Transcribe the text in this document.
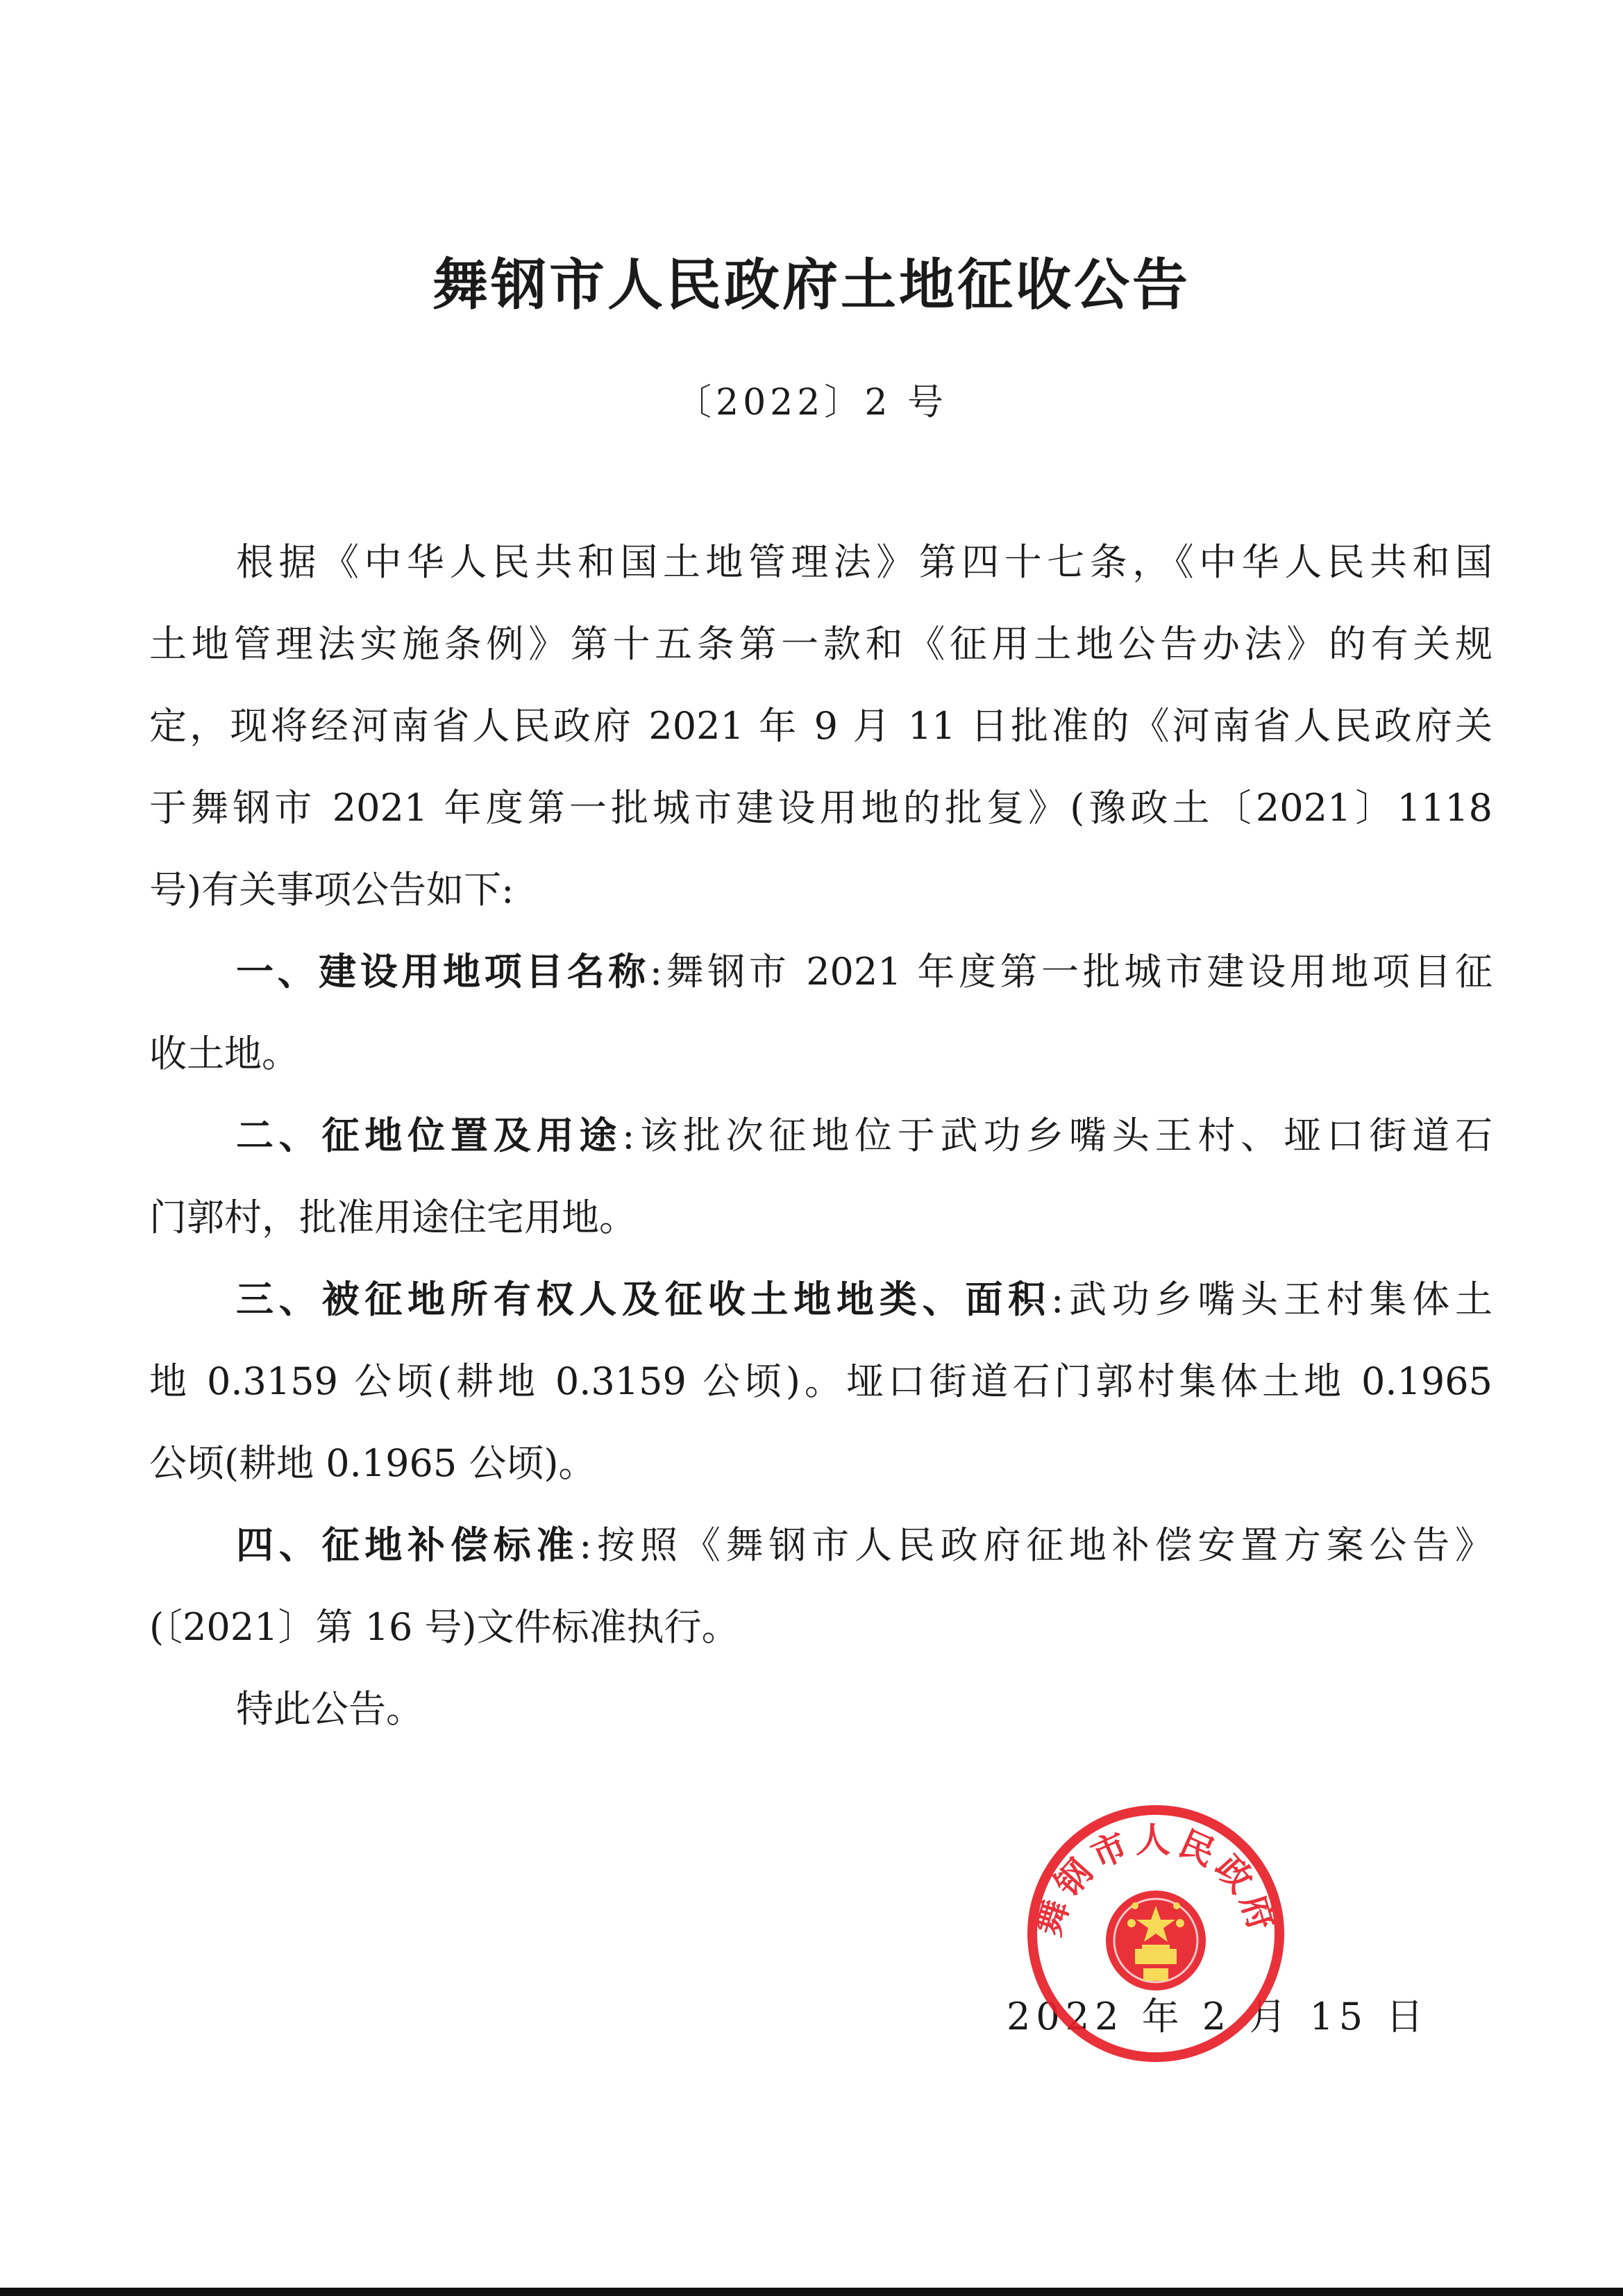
舞钢市人民政府土地征收公告
〔2022〕2 号
根据《中华人民共和国土地管理法》第四十七条，《中华人民共和国
土地管理法实施条例》第十五条第一款和《征用土地公告办法》的有关规
定，现将经河南省人民政府 2021 年 9 月 11 日批准的《河南省人民政府关
于舞钢市 2021 年度第一批城市建设用地的批复》(豫政土〔2021〕1118
号)有关事项公告如下:
一、建设用地项目名称:舞钢市 2021 年度第一批城市建设用地项目征
收土地。
二、征地位置及用途:该批次征地位于武功乡嘴头王村、垭口街道石
门郭村，批准用途住宅用地。
三、被征地所有权人及征收土地地类、面积:武功乡嘴头王村集体土
地 0.3159 公顷(耕地 0.3159 公顷)。垭口街道石门郭村集体土地 0.1965
公顷(耕地 0.1965 公顷)。
四、征地补偿标准:按照《舞钢市人民政府征地补偿安置方案公告》
(〔2021〕第 16 号)文件标准执行。
特此公告。
2022 年 2 月 15 日
舞钢市人民政府
